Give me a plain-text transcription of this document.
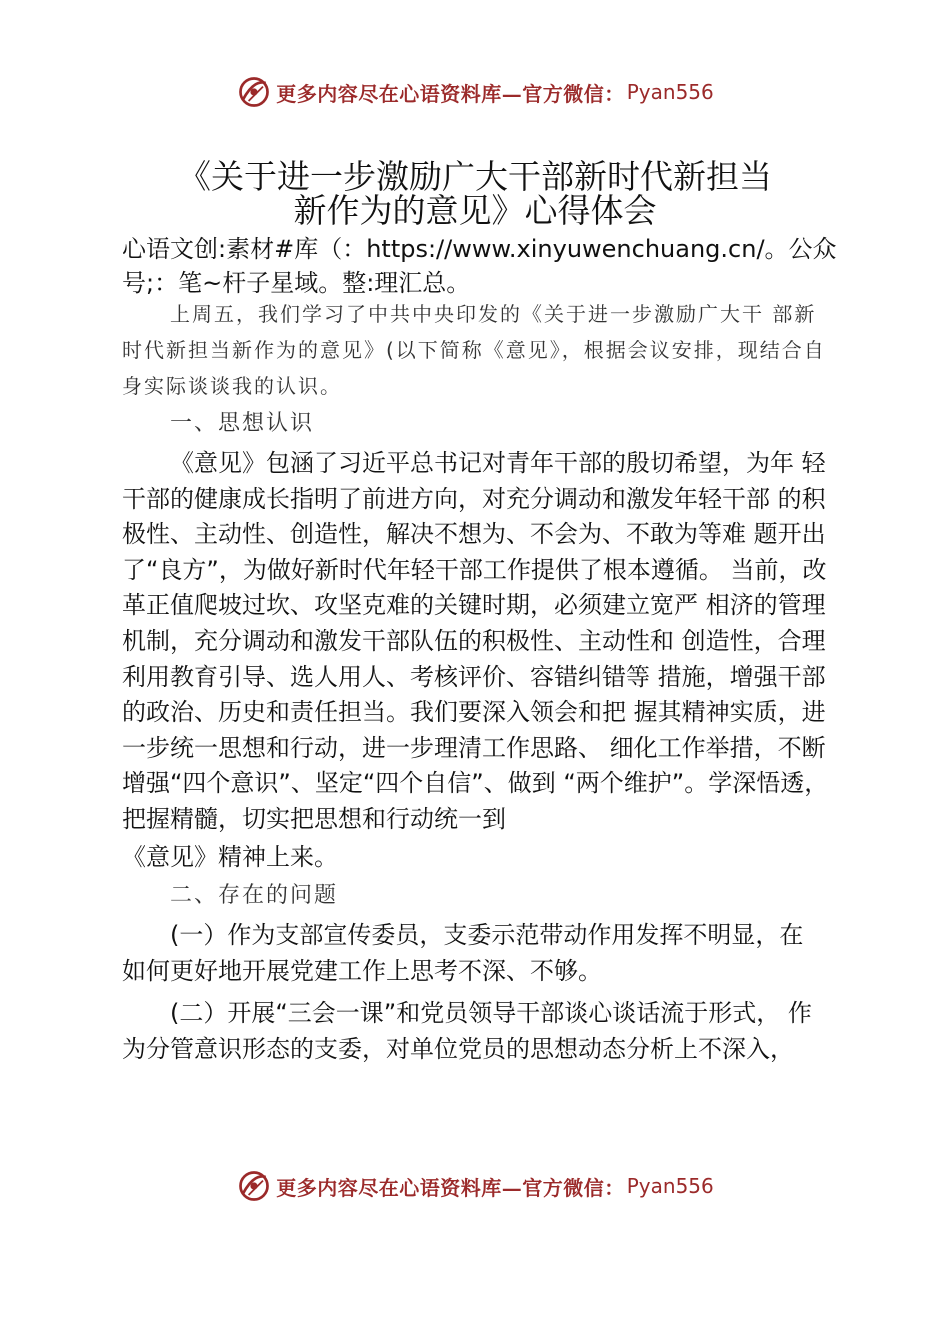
更多内容尽在心语资料库—官方微信： Pyan556
《关于进一步激励广大干部新时代新担当
新作为的意见》心得体会
心语文创:素材#库（：https://www.xinyuwenchuang.cn/。公众号;：笔~杆子星域。整:理汇总。
上周五，我们学习了中共中央印发的《关于进一步激励广大干 部新时代新担当新作为的意见》(以下简称《意见》，根据会议安排，现结合自身实际谈谈我的认识。
一、思想认识
《意见》包涵了习近平总书记对青年干部的殷切希望，为年 轻干部的健康成长指明了前进方向，对充分调动和激发年轻干部 的积极性、主动性、创造性，解决不想为、不会为、不敢为等难 题开出了“良方”，为做好新时代年轻干部工作提供了根本遵循。 当前，改革正值爬坡过坎、攻坚克难的关键时期，必须建立宽严 相济的管理机制，充分调动和激发干部队伍的积极性、主动性和 创造性，合理利用教育引导、选人用人、考核评价、容错纠错等 措施，增强干部的政治、历史和责任担当。我们要深入领会和把 握其精神实质，进一步统一思想和行动，进一步理清工作思路、 细化工作举措，不断增强“四个意识”、坚定“四个自信”、做到 “两个维护”。学深悟透，把握精髓，切实把思想和行动统一到
《意见》精神上来。
二、存在的问题
(一）作为支部宣传委员，支委示范带动作用发挥不明显，在 如何更好地开展党建工作上思考不深、不够。
(二）开展“三会一课”和党员领导干部谈心谈话流于形式， 作为分管意识形态的支委，对单位党员的思想动态分析上不深入，
更多内容尽在心语资料库—官方微信： Pyan556
